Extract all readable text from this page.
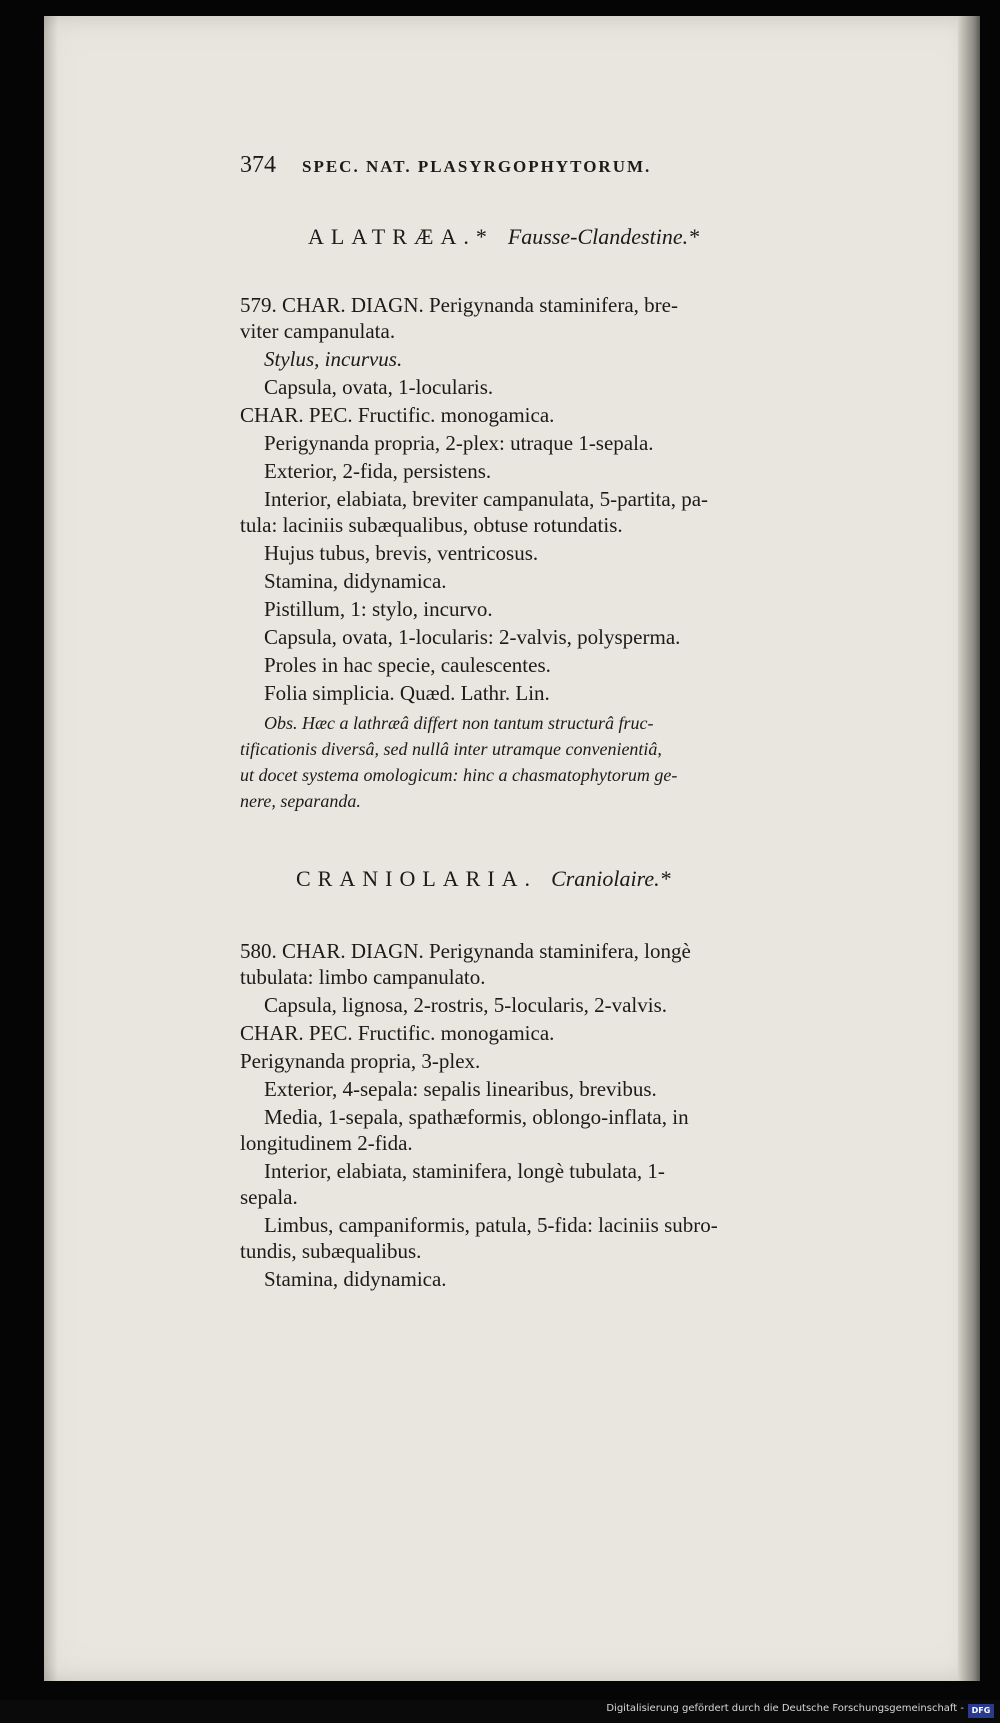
374 SPEC. NAT. PLASYRGOPHYTORUM.
ALATRÆA.* Fausse-Clandestine.*
579. CHAR. DIAGN. Perigynanda staminifera, bre-
viter campanulata.
Stylus, incurvus.
Capsula, ovata, 1-locularis.
CHAR. PEC. Fructific. monogamica.
Perigynanda propria, 2-plex: utraque 1-sepala.
Exterior, 2-fida, persistens.
Interior, elabiata, breviter campanulata, 5-partita, pa-
tula: laciniis subæqualibus, obtuse rotundatis.
Hujus tubus, brevis, ventricosus.
Stamina, didynamica.
Pistillum, 1: stylo, incurvo.
Capsula, ovata, 1-locularis: 2-valvis, polysperma.
Proles in hac specie, caulescentes.
Folia simplicia. Quæd. Lathr. Lin.
Obs. Hæc a lathræâ differt non tantum structurâ fruc-
tificationis diversâ, sed nullâ inter utramque convenientiâ,
ut docet systema omologicum: hinc a chasmatophytorum ge-
nere, separanda.
CRANIOLARIA. Craniolaire.*
580. CHAR. DIAGN. Perigynanda staminifera, longè
tubulata: limbo campanulato.
Capsula, lignosa, 2-rostris, 5-locularis, 2-valvis.
CHAR. PEC. Fructific. monogamica.
Perigynanda propria, 3-plex.
Exterior, 4-sepala: sepalis linearibus, brevibus.
Media, 1-sepala, spathæformis, oblongo-inflata, in
longitudinem 2-fida.
Interior, elabiata, staminifera, longè tubulata, 1-
sepala.
Limbus, campaniformis, patula, 5-fida: laciniis subro-
tundis, subæqualibus.
Stamina, didynamica.
Digitalisierung gefördert durch die Deutsche Forschungsgemeinschaft - DFG
